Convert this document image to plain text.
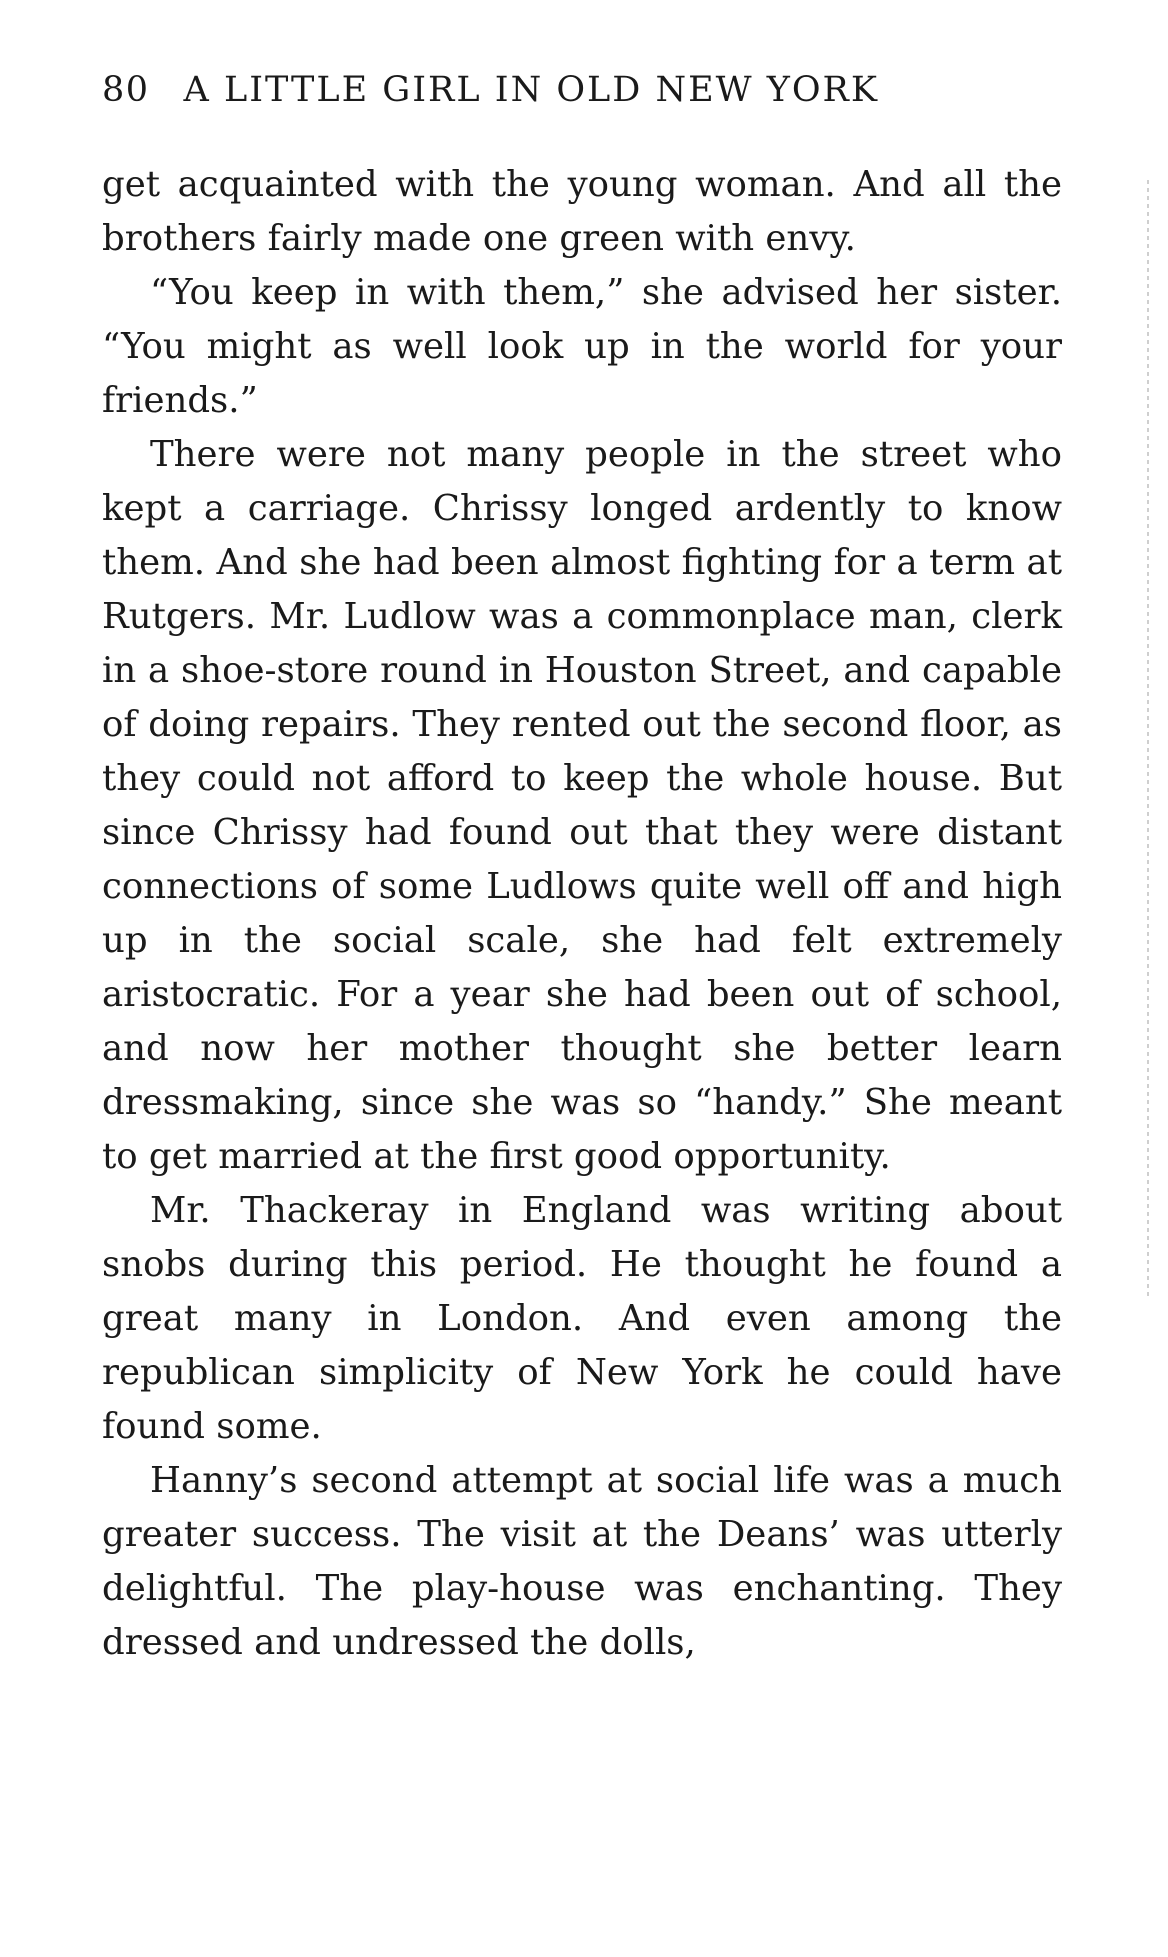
80 A LITTLE GIRL IN OLD NEW YORK

get acquainted with the young woman. And all the brothers fairly made one green with envy.

“You keep in with them,” she advised her sister. “You might as well look up in the world for your friends.”

There were not many people in the street who kept a carriage. Chrissy longed ardently to know them. And she had been almost fighting for a term at Rutgers. Mr. Ludlow was a commonplace man, clerk in a shoe-store round in Houston Street, and capable of doing repairs. They rented out the second floor, as they could not afford to keep the whole house. But since Chrissy had found out that they were distant connections of some Ludlows quite well off and high up in the social scale, she had felt extremely aristocratic. For a year she had been out of school, and now her mother thought she better learn dressmaking, since she was so “handy.” She meant to get married at the first good opportunity.

Mr. Thackeray in England was writing about snobs during this period. He thought he found a great many in London. And even among the republican simplicity of New York he could have found some.

Hanny’s second attempt at social life was a much greater success. The visit at the Deans’ was utterly delightful. The play-house was enchanting. They dressed and undressed the dolls,
